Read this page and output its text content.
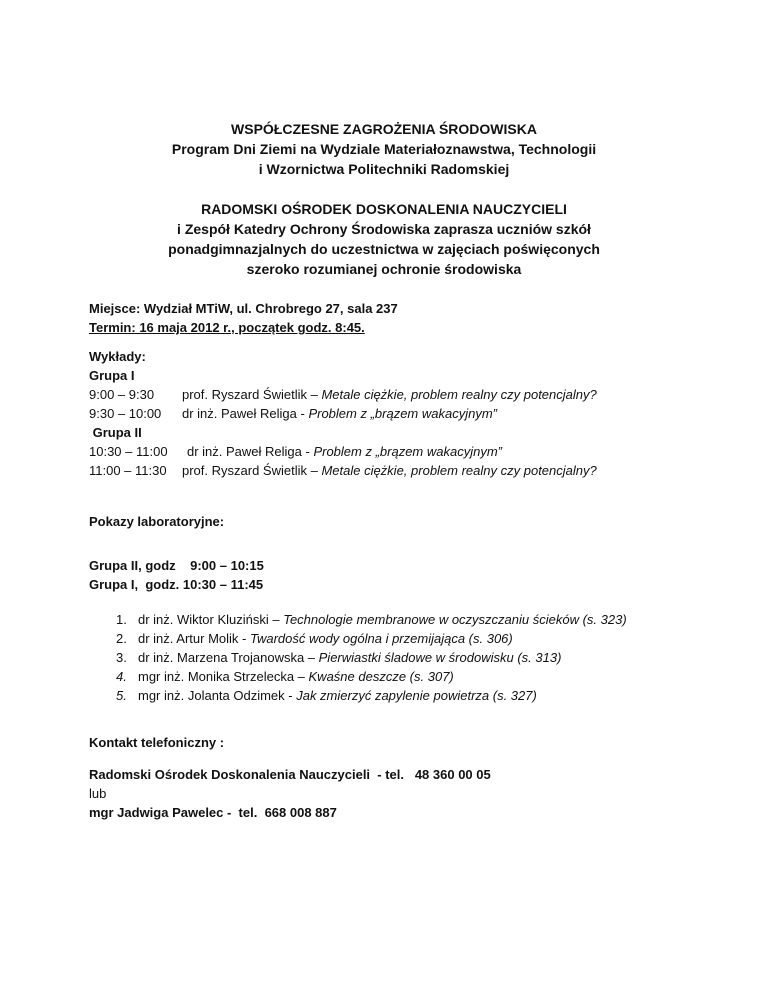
WSPÓŁCZESNE ZAGROŻENIA ŚRODOWISKA
Program Dni Ziemi na Wydziale Materiałoznawstwa, Technologii
i Wzornictwa Politechniki Radomskiej
RADOMSKI OŚRODEK DOSKONALENIA NAUCZYCIELI
i Zespół Katedry Ochrony Środowiska zaprasza uczniów szkół
ponadgimnazjalnych do uczestnictwa w zajęciach poświęconych
szeroko rozumianej ochronie środowiska
Miejsce: Wydział MTiW, ul. Chrobrego 27, sala 237
Termin: 16 maja 2012 r., początek godz. 8:45.
Wykłady:
Grupa I
9:00 – 9:30 prof. Ryszard Świetlik – Metale ciężkie, problem realny czy potencjalny?
9:30 – 10:00 dr inż. Paweł Religa - Problem z „brązem wakacyjnym”
Grupa II
10:30 – 11:00 dr inż. Paweł Religa - Problem z „brązem wakacyjnym”
11:00 – 11:30 prof. Ryszard Świetlik – Metale ciężkie, problem realny czy potencjalny?
Pokazy laboratoryjne:
Grupa II, godz    9:00 – 10:15
Grupa I,  godz. 10:30 – 11:45
1. dr inż. Wiktor Kluziński – Technologie membranowe w oczyszczaniu ścieków (s. 323)
2. dr inż. Artur Molik - Twardość wody ogólna i przemijająca (s. 306)
3. dr inż. Marzena Trojanowska – Pierwiastki śladowe w środowisku (s. 313)
4. mgr inż. Monika Strzelecka – Kwaśne deszcze (s. 307)
5. mgr inż. Jolanta Odzimek - Jak zmierzyć zapylenie powietrza (s. 327)
Kontakt telefoniczny :
Radomski Ośrodek Doskonalenia Nauczycieli  - tel.   48 360 00 05
lub
mgr Jadwiga Pawelec -  tel.  668 008 887
